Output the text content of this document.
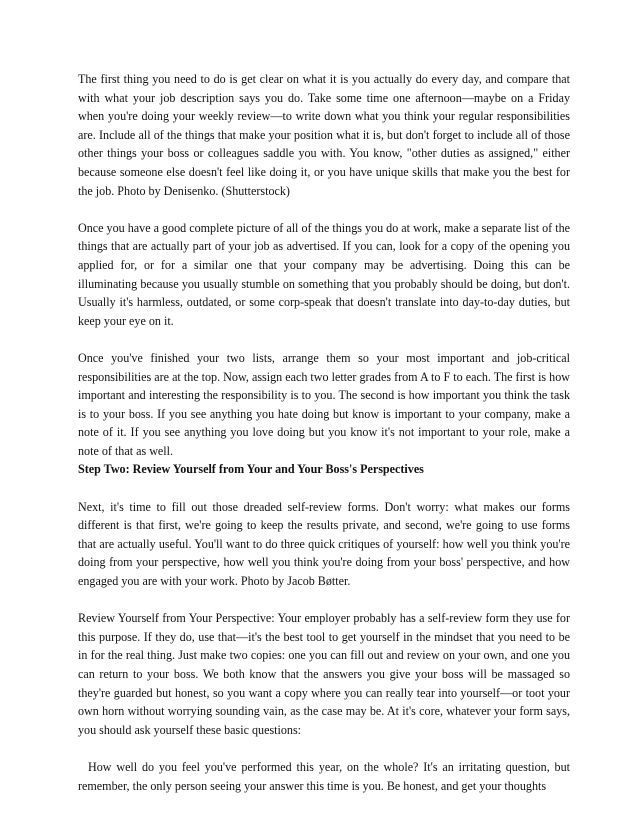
The first thing you need to do is get clear on what it is you actually do every day, and compare that with what your job description says you do. Take some time one afternoon—maybe on a Friday when you're doing your weekly review—to write down what you think your regular responsibilities are. Include all of the things that make your position what it is, but don't forget to include all of those other things your boss or colleagues saddle you with. You know, "other duties as assigned," either because someone else doesn't feel like doing it, or you have unique skills that make you the best for the job. Photo by Denisenko. (Shutterstock)

Once you have a good complete picture of all of the things you do at work, make a separate list of the things that are actually part of your job as advertised. If you can, look for a copy of the opening you applied for, or for a similar one that your company may be advertising. Doing this can be illuminating because you usually stumble on something that you probably should be doing, but don't. Usually it's harmless, outdated, or some corp-speak that doesn't translate into day-to-day duties, but keep your eye on it.

Once you've finished your two lists, arrange them so your most important and job-critical responsibilities are at the top. Now, assign each two letter grades from A to F to each. The first is how important and interesting the responsibility is to you. The second is how important you think the task is to your boss. If you see anything you hate doing but know is important to your company, make a note of it. If you see anything you love doing but you know it's not important to your role, make a note of that as well.

Step Two: Review Yourself from Your and Your Boss's Perspectives

Next, it's time to fill out those dreaded self-review forms. Don't worry: what makes our forms different is that first, we're going to keep the results private, and second, we're going to use forms that are actually useful. You'll want to do three quick critiques of yourself: how well you think you're doing from your perspective, how well you think you're doing from your boss' perspective, and how engaged you are with your work. Photo by Jacob Bøtter.

Review Yourself from Your Perspective: Your employer probably has a self-review form they use for this purpose. If they do, use that—it's the best tool to get yourself in the mindset that you need to be in for the real thing. Just make two copies: one you can fill out and review on your own, and one you can return to your boss. We both know that the answers you give your boss will be massaged so they're guarded but honest, so you want a copy where you can really tear into yourself—or toot your own horn without worrying sounding vain, as the case may be. At it's core, whatever your form says, you should ask yourself these basic questions:

How well do you feel you've performed this year, on the whole? It's an irritating question, but remember, the only person seeing your answer this time is you. Be honest, and get your thoughts
